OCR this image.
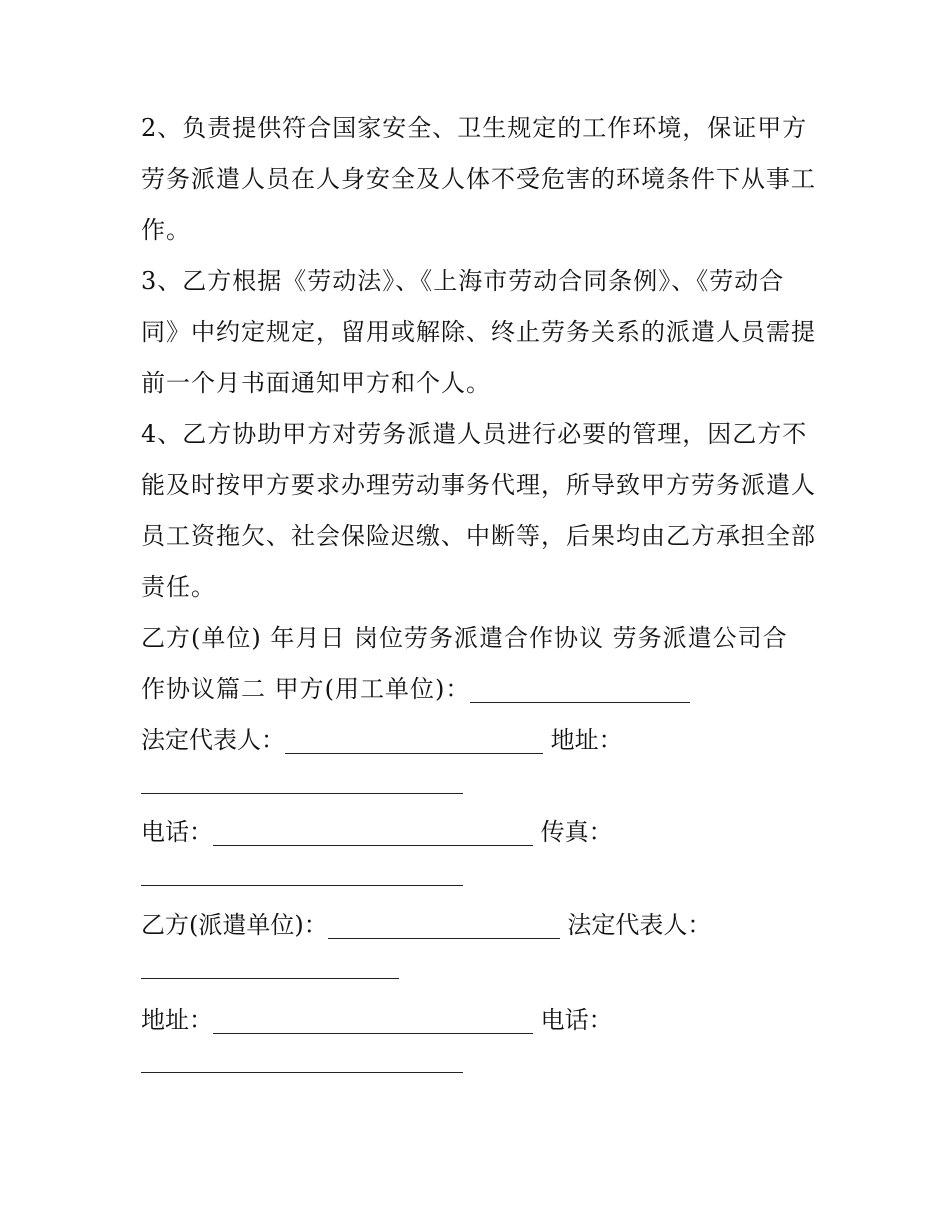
2、负责提供符合国家安全、卫生规定的工作环境，保证甲方劳务派遣人员在人身安全及人体不受危害的环境条件下从事工作。

3、乙方根据《劳动法》、《上海市劳动合同条例》、《劳动合同》中约定规定，留用或解除、终止劳务关系的派遣人员需提前一个月书面通知甲方和个人。

4、乙方协助甲方对劳务派遣人员进行必要的管理，因乙方不能及时按甲方要求办理劳动事务代理，所导致甲方劳务派遣人员工资拖欠、社会保险迟缴、中断等，后果均由乙方承担全部责任。

乙方(单位) 年月日 岗位劳务派遣合作协议 劳务派遣公司合作协议篇二 甲方(用工单位)：

法定代表人：	地址：
电话：	传真：
乙方(派遣单位)：	法定代表人：
地址：	电话：
